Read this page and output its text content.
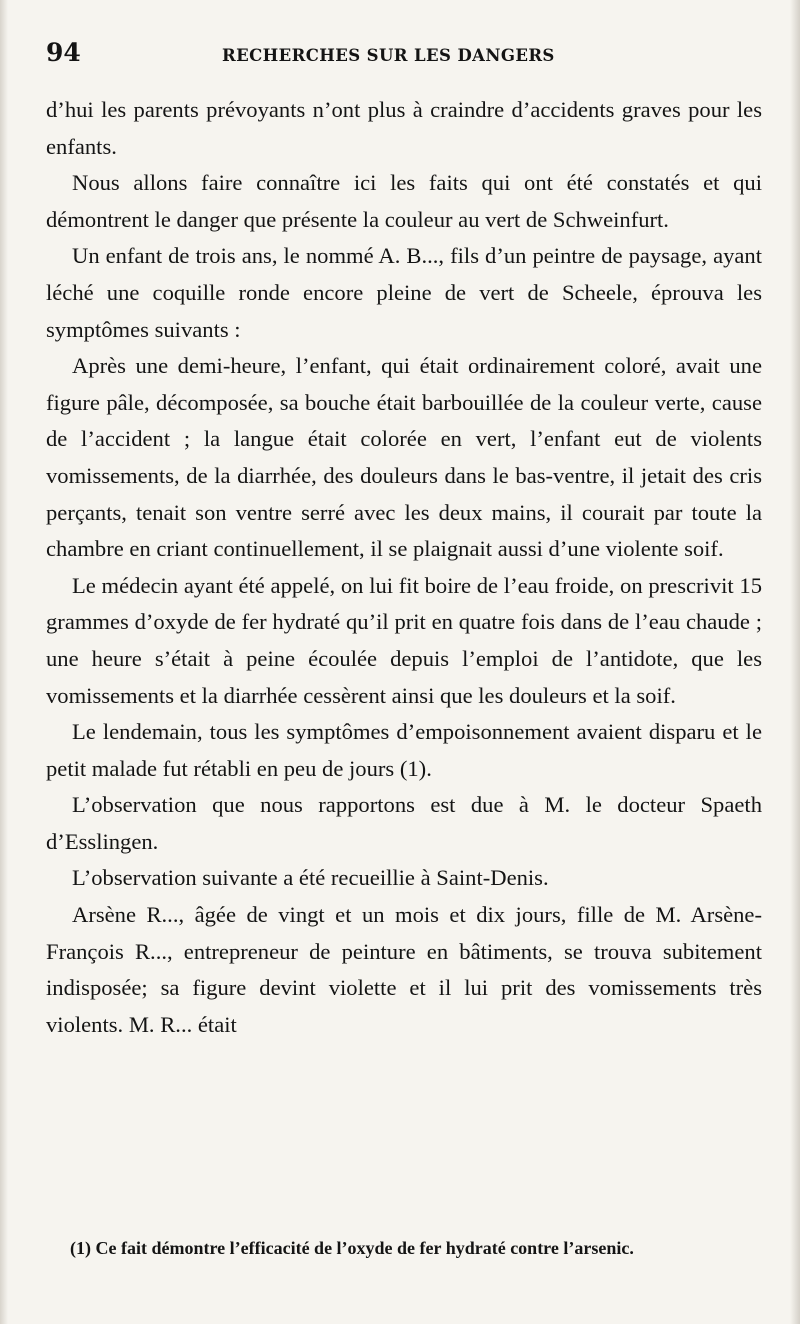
94	RECHERCHES SUR LES DANGERS

d’hui les parents prévoyants n’ont plus à craindre d’accidents graves pour les enfants.

Nous allons faire connaître ici les faits qui ont été constatés et qui démontrent le danger que présente la couleur au vert de Schweinfurt.

Un enfant de trois ans, le nommé A. B..., fils d’un peintre de paysage, ayant léché une coquille ronde encore pleine de vert de Scheele, éprouva les symptômes suivants :

Après une demi-heure, l’enfant, qui était ordinairement coloré, avait une figure pâle, décomposée, sa bouche était barbouillée de la couleur verte, cause de l’accident ; la langue était colorée en vert, l’enfant eut de violents vomissements, de la diarrhée, des douleurs dans le bas-ventre, il jetait des cris perçants, tenait son ventre serré avec les deux mains, il courait par toute la chambre en criant continuellement, il se plaignait aussi d’une violente soif.

Le médecin ayant été appelé, on lui fit boire de l’eau froide, on prescrivit 15 grammes d’oxyde de fer hydraté qu’il prit en quatre fois dans de l’eau chaude ; une heure s’était à peine écoulée depuis l’emploi de l’antidote, que les vomissements et la diarrhée cessèrent ainsi que les douleurs et la soif.

Le lendemain, tous les symptômes d’empoisonnement avaient disparu et le petit malade fut rétabli en peu de jours (1).

L’observation que nous rapportons est due à M. le docteur Spaeth d’Esslingen.

L’observation suivante a été recueillie à Saint-Denis.

Arsène R..., âgée de vingt et un mois et dix jours, fille de M. Arsène-François R..., entrepreneur de peinture en bâtiments, se trouva subitement indisposée; sa figure devint violette et il lui prit des vomissements très violents. M. R... était

(1) Ce fait démontre l’efficacité de l’oxyde de fer hydraté contre l’arsenic.
